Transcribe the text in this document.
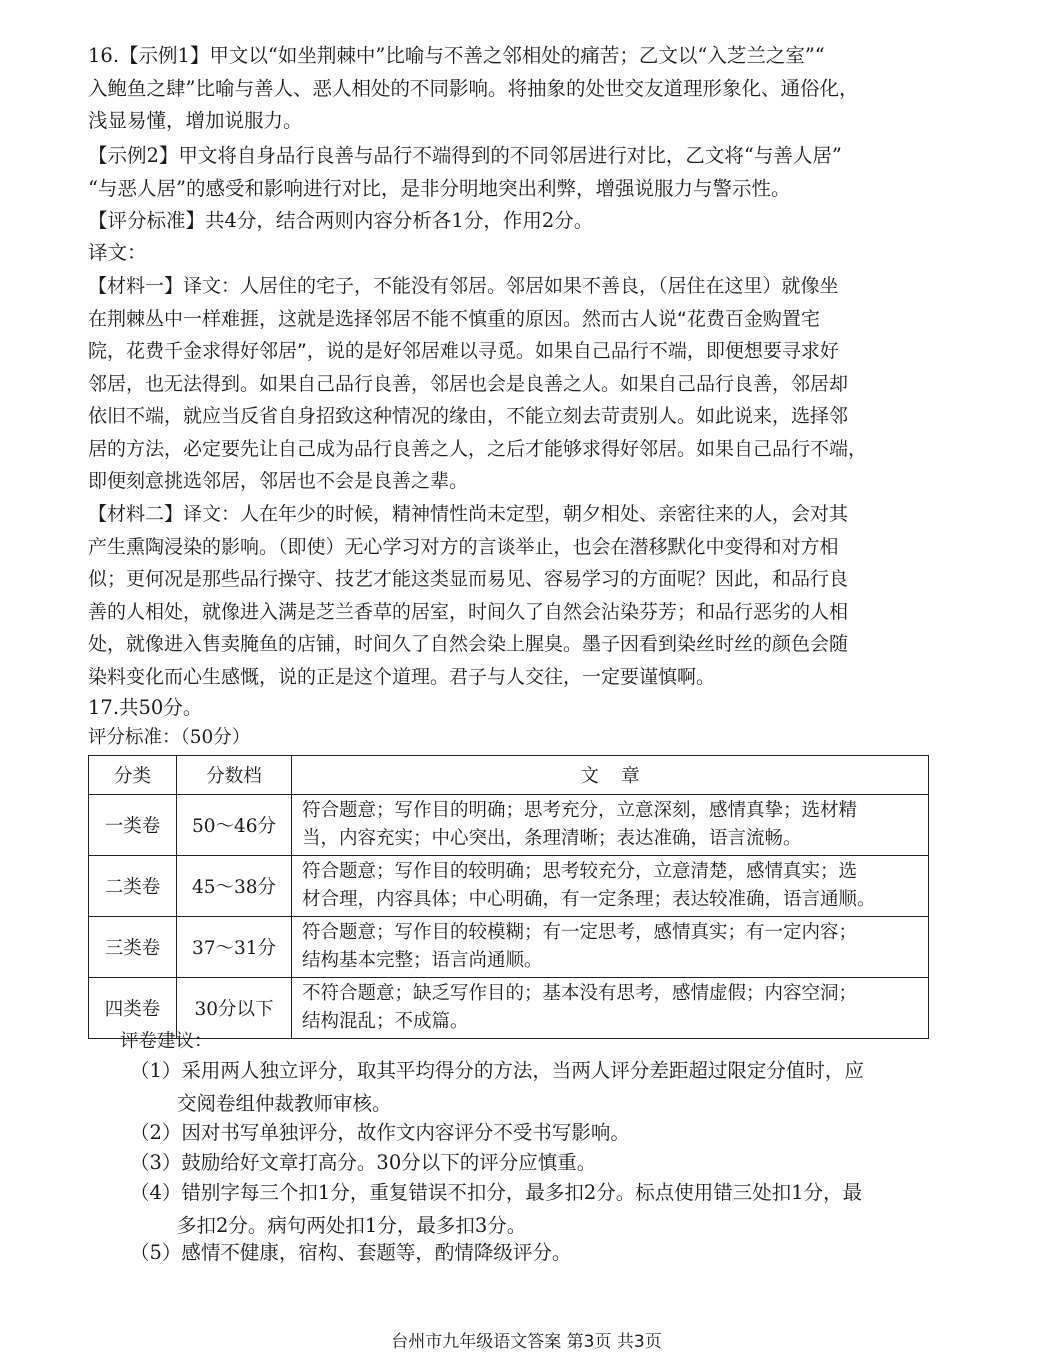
16.【示例1】甲文以“如坐荆棘中”比喻与不善之邻相处的痛苦；乙文以“入芝兰之室”“
入鲍鱼之肆”比喻与善人、恶人相处的不同影响。将抽象的处世交友道理形象化、通俗化，
浅显易懂，增加说服力。
【示例2】甲文将自身品行良善与品行不端得到的不同邻居进行对比，乙文将“与善人居”
“与恶人居”的感受和影响进行对比，是非分明地突出利弊，增强说服力与警示性。
【评分标准】共4分，结合两则内容分析各1分，作用2分。
译文：
【材料一】译文：人居住的宅子，不能没有邻居。邻居如果不善良，（居住在这里）就像坐
在荆棘丛中一样难捱，这就是选择邻居不能不慎重的原因。然而古人说“花费百金购置宅
院，花费千金求得好邻居”，说的是好邻居难以寻觅。如果自己品行不端，即便想要寻求好
邻居，也无法得到。如果自己品行良善，邻居也会是良善之人。如果自己品行良善，邻居却
依旧不端，就应当反省自身招致这种情况的缘由，不能立刻去苛责别人。如此说来，选择邻
居的方法，必定要先让自己成为品行良善之人，之后才能够求得好邻居。如果自己品行不端，
即便刻意挑选邻居，邻居也不会是良善之辈。
【材料二】译文：人在年少的时候，精神情性尚未定型，朝夕相处、亲密往来的人，会对其
产生熏陶浸染的影响。（即使）无心学习对方的言谈举止，也会在潜移默化中变得和对方相
似；更何况是那些品行操守、技艺才能这类显而易见、容易学习的方面呢？因此，和品行良
善的人相处，就像进入满是芝兰香草的居室，时间久了自然会沾染芬芳；和品行恶劣的人相
处，就像进入售卖腌鱼的店铺，时间久了自然会染上腥臭。墨子因看到染丝时丝的颜色会随
染料变化而心生感慨，说的正是这个道理。君子与人交往，一定要谨慎啊。
17.共50分。
评分标准：（50分）
分类	分数档	文章
一类卷	50～46分	符合题意；写作目的明确；思考充分，立意深刻，感情真挚；选材精
当，内容充实；中心突出，条理清晰；表达准确，语言流畅。

二类卷	45～38分	符合题意；写作目的较明确；思考较充分，立意清楚，感情真实；选
材合理，内容具体；中心明确，有一定条理；表达较准确，语言通顺。

三类卷	37～31分	符合题意；写作目的较模糊；有一定思考，感情真实；有一定内容；
结构基本完整；语言尚通顺。

四类卷	30分以下	不符合题意；缺乏写作目的；基本没有思考，感情虚假；内容空洞；
结构混乱；不成篇。
评卷建议：
（1）采用两人独立评分，取其平均得分的方法，当两人评分差距超过限定分值时，应
交阅卷组仲裁教师审核。
（2）因对书写单独评分，故作文内容评分不受书写影响。
（3）鼓励给好文章打高分。30分以下的评分应慎重。
（4）错别字每三个扣1分，重复错误不扣分，最多扣2分。标点使用错三处扣1分，最
多扣2分。病句两处扣1分，最多扣3分。
（5）感情不健康，宿构、套题等，酌情降级评分。
台州市九年级语文答案 第3页 共3页
